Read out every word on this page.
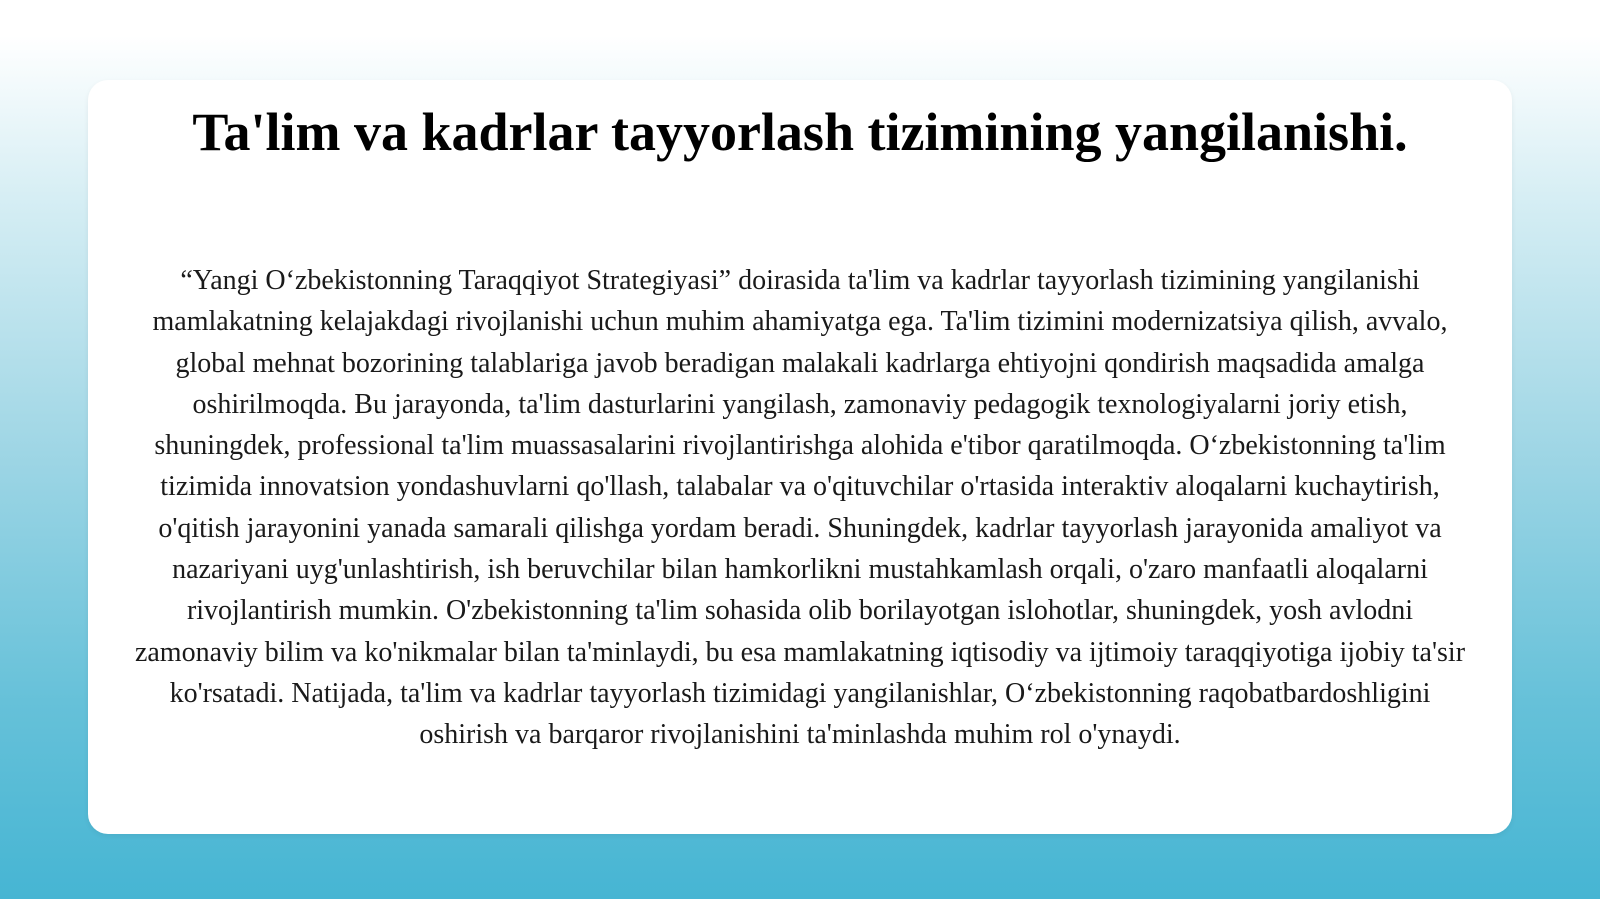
Ta'lim va kadrlar tayyorlash tizimining yangilanishi.

“Yangi O‘zbekistonning Taraqqiyot Strategiyasi” doirasida ta'lim va kadrlar tayyorlash tizimining yangilanishi mamlakatning kelajakdagi rivojlanishi uchun muhim ahamiyatga ega. Ta'lim tizimini modernizatsiya qilish, avvalo, global mehnat bozorining talablariga javob beradigan malakali kadrlarga ehtiyojni qondirish maqsadida amalga oshirilmoqda. Bu jarayonda, ta'lim dasturlarini yangilash, zamonaviy pedagogik texnologiyalarni joriy etish, shuningdek, professional ta'lim muassasalarini rivojlantirishga alohida e'tibor qaratilmoqda. O‘zbekistonning ta'lim tizimida innovatsion yondashuvlarni qo'llash, talabalar va o'qituvchilar o'rtasida interaktiv aloqalarni kuchaytirish, o'qitish jarayonini yanada samarali qilishga yordam beradi. Shuningdek, kadrlar tayyorlash jarayonida amaliyot va nazariyani uyg'unlashtirish, ish beruvchilar bilan hamkorlikni mustahkamlash orqali, o'zaro manfaatli aloqalarni rivojlantirish mumkin. O'zbekistonning ta'lim sohasida olib borilayotgan islohotlar, shuningdek, yosh avlodni zamonaviy bilim va ko'nikmalar bilan ta'minlaydi, bu esa mamlakatning iqtisodiy va ijtimoiy taraqqiyotiga ijobiy ta'sir ko'rsatadi. Natijada, ta'lim va kadrlar tayyorlash tizimidagi yangilanishlar, O‘zbekistonning raqobatbardoshligini oshirish va barqaror rivojlanishini ta'minlashda muhim rol o'ynaydi.
